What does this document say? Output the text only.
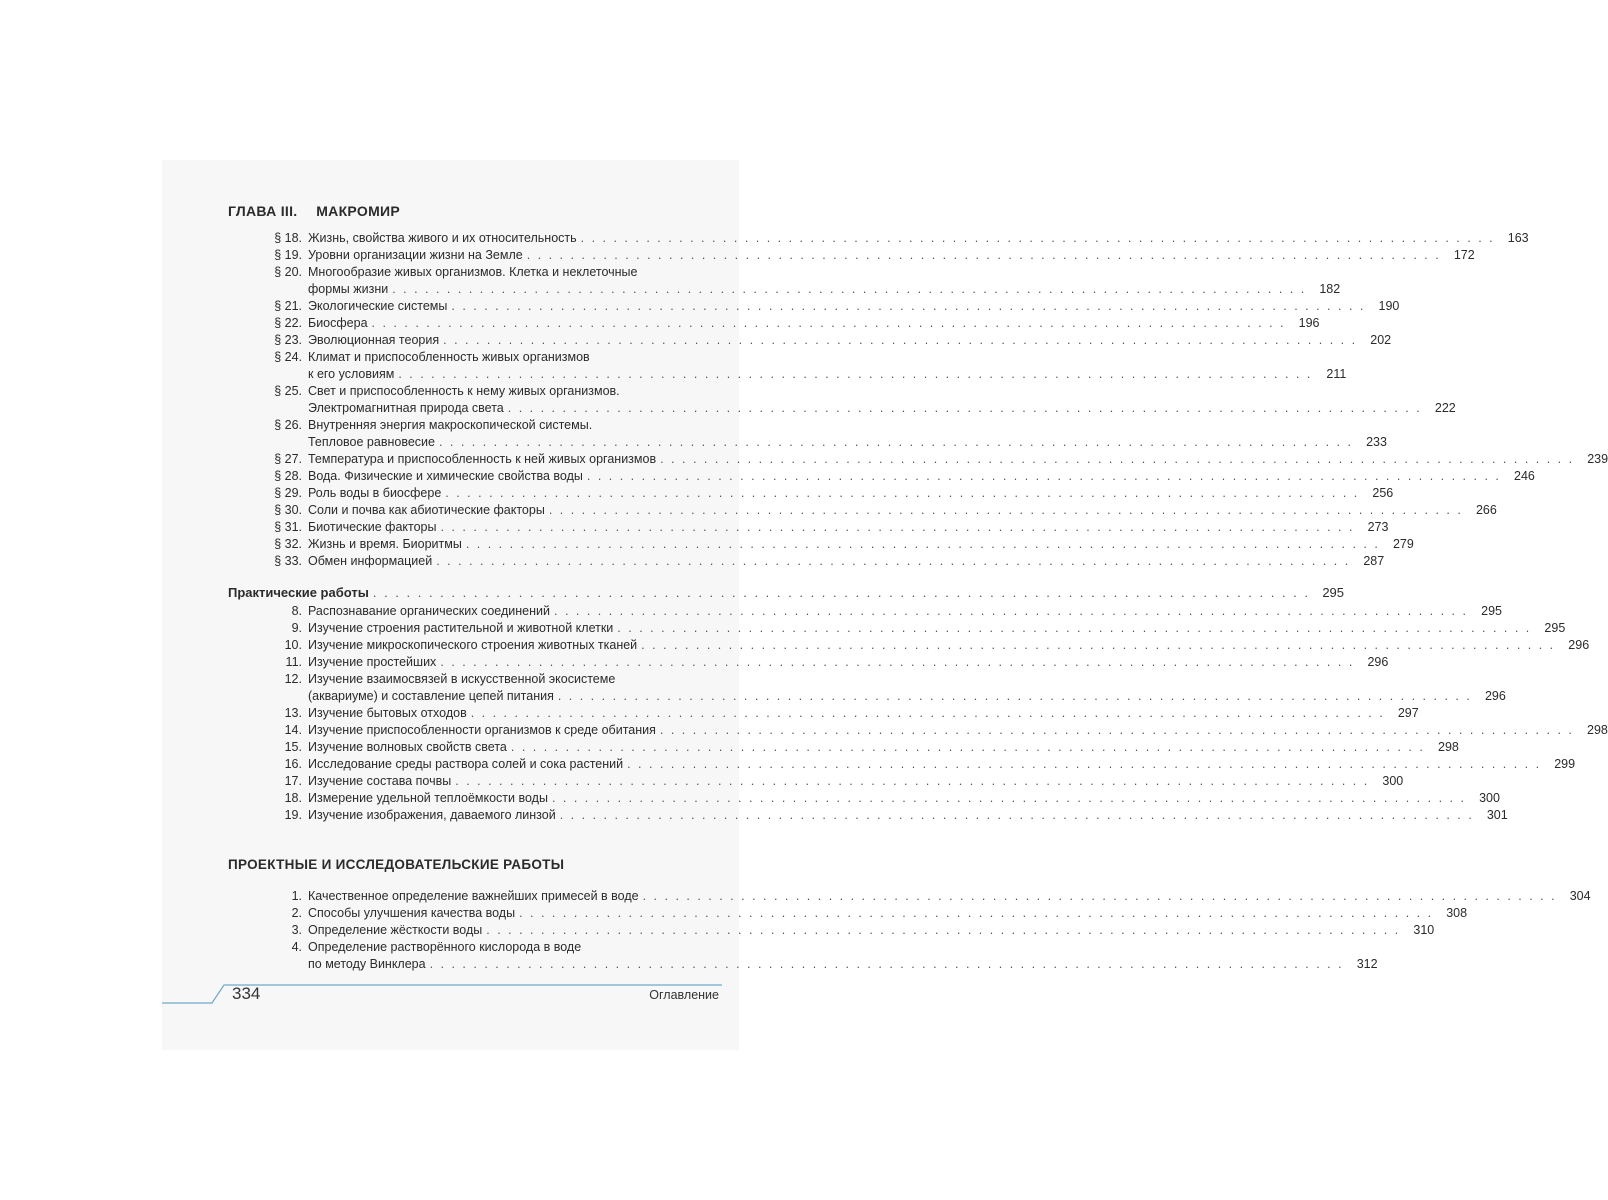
ГЛАВА III. МАКРОМИР
§ 18. Жизнь, свойства живого и их относительность . . . . . . . . . . . . . . . . . . . . . . . . . . . . . . . . . . . . . . . . . . . . . . . . . . . . . . . . . . . . . . . . . . . . . . . . . . . . . . . . . . . .	163
§ 19. Уровни организации жизни на Земле . . . . . . . . . . . . . . . . . . . . . . . . . . . . . . . . . . . . . . . . . . . . . . . . . . . . . . . . . . . . . . . . . . . . . . . . . . . . . . . . . . . .	172
§ 20. Многообразие живых организмов. Клетка и неклеточные
формы жизни . . . . . . . . . . . . . . . . . . . . . . . . . . . . . . . . . . . . . . . . . . . . . . . . . . . . . . . . . . . . . . . . . . . . . . . . . . . . . . . . . . . .	182
§ 21. Экологические системы . . . . . . . . . . . . . . . . . . . . . . . . . . . . . . . . . . . . . . . . . . . . . . . . . . . . . . . . . . . . . . . . . . . . . . . . . . . . . . . . . . . .	190
§ 22. Биосфера . . . . . . . . . . . . . . . . . . . . . . . . . . . . . . . . . . . . . . . . . . . . . . . . . . . . . . . . . . . . . . . . . . . . . . . . . . . . . . . . . . . .	196
§ 23. Эволюционная теория . . . . . . . . . . . . . . . . . . . . . . . . . . . . . . . . . . . . . . . . . . . . . . . . . . . . . . . . . . . . . . . . . . . . . . . . . . . . . . . . . . . .	202
§ 24. Климат и приспособленность живых организмов
к его условиям . . . . . . . . . . . . . . . . . . . . . . . . . . . . . . . . . . . . . . . . . . . . . . . . . . . . . . . . . . . . . . . . . . . . . . . . . . . . . . . . . . . .	211
§ 25. Свет и приспособленность к нему живых организмов.
Электромагнитная природа света . . . . . . . . . . . . . . . . . . . . . . . . . . . . . . . . . . . . . . . . . . . . . . . . . . . . . . . . . . . . . . . . . . . . . . . . . . . . . . . . . . . .	222
§ 26. Внутренняя энергия макроскопической системы.
Тепловое равновесие . . . . . . . . . . . . . . . . . . . . . . . . . . . . . . . . . . . . . . . . . . . . . . . . . . . . . . . . . . . . . . . . . . . . . . . . . . . . . . . . . . . .	233
§ 27. Температура и приспособленность к ней живых организмов . . . . . . . . . . . . . . . . . . . . . . . . . . . . . . . . . . . . . . . . . . . . . . . . . . . . . . . . . . . . . . . . . . . . . . . . . . . . . . . . . . . .	239
§ 28. Вода. Физические и химические свойства воды . . . . . . . . . . . . . . . . . . . . . . . . . . . . . . . . . . . . . . . . . . . . . . . . . . . . . . . . . . . . . . . . . . . . . . . . . . . . . . . . . . . .	246
§ 29. Роль воды в биосфере . . . . . . . . . . . . . . . . . . . . . . . . . . . . . . . . . . . . . . . . . . . . . . . . . . . . . . . . . . . . . . . . . . . . . . . . . . . . . . . . . . . .	256
§ 30. Соли и почва как абиотические факторы . . . . . . . . . . . . . . . . . . . . . . . . . . . . . . . . . . . . . . . . . . . . . . . . . . . . . . . . . . . . . . . . . . . . . . . . . . . . . . . . . . . .	266
§ 31. Биотические факторы . . . . . . . . . . . . . . . . . . . . . . . . . . . . . . . . . . . . . . . . . . . . . . . . . . . . . . . . . . . . . . . . . . . . . . . . . . . . . . . . . . . .	273
§ 32. Жизнь и время. Биоритмы . . . . . . . . . . . . . . . . . . . . . . . . . . . . . . . . . . . . . . . . . . . . . . . . . . . . . . . . . . . . . . . . . . . . . . . . . . . . . . . . . . . .	279
§ 33. Обмен информацией . . . . . . . . . . . . . . . . . . . . . . . . . . . . . . . . . . . . . . . . . . . . . . . . . . . . . . . . . . . . . . . . . . . . . . . . . . . . . . . . . . . .	287
Практические работы . . . . . . . . . . . . . . . . . . . . . . . . . . . . . . . . . . . . . . . . . . . . . . . . . . . . . . . . . . . . . . . . . . . . . . . . . . . . . . . . . . . . 295
8. Распознавание органических соединений . . . . . . . . . . . . . . . . . . . . . . . . . . . . . . . . . . . . . . . . . . . . . . . . . . . . . . . . . . . . . . . . . . . . . . . . . . . . . . . . . . . .	295
9. Изучение строения растительной и животной клетки . . . . . . . . . . . . . . . . . . . . . . . . . . . . . . . . . . . . . . . . . . . . . . . . . . . . . . . . . . . . . . . . . . . . . . . . . . . . . . . . . . . .	295
10. Изучение микроскопического строения животных тканей . . . . . . . . . . . . . . . . . . . . . . . . . . . . . . . . . . . . . . . . . . . . . . . . . . . . . . . . . . . . . . . . . . . . . . . . . . . . . . . . . . . .	296
11. Изучение простейших . . . . . . . . . . . . . . . . . . . . . . . . . . . . . . . . . . . . . . . . . . . . . . . . . . . . . . . . . . . . . . . . . . . . . . . . . . . . . . . . . . . .	296
12. Изучение взаимосвязей в искусственной экосистеме
(аквариуме) и составление цепей питания . . . . . . . . . . . . . . . . . . . . . . . . . . . . . . . . . . . . . . . . . . . . . . . . . . . . . . . . . . . . . . . . . . . . . . . . . . . . . . . . . . . .	296
13. Изучение бытовых отходов . . . . . . . . . . . . . . . . . . . . . . . . . . . . . . . . . . . . . . . . . . . . . . . . . . . . . . . . . . . . . . . . . . . . . . . . . . . . . . . . . . . .	297
14. Изучение приспособленности организмов к среде обитания . . . . . . . . . . . . . . . . . . . . . . . . . . . . . . . . . . . . . . . . . . . . . . . . . . . . . . . . . . . . . . . . . . . . . . . . . . . . . . . . . . . .	298
15. Изучение волновых свойств света . . . . . . . . . . . . . . . . . . . . . . . . . . . . . . . . . . . . . . . . . . . . . . . . . . . . . . . . . . . . . . . . . . . . . . . . . . . . . . . . . . . .	298
16. Исследование среды раствора солей и сока растений . . . . . . . . . . . . . . . . . . . . . . . . . . . . . . . . . . . . . . . . . . . . . . . . . . . . . . . . . . . . . . . . . . . . . . . . . . . . . . . . . . . .	299
17. Изучение состава почвы . . . . . . . . . . . . . . . . . . . . . . . . . . . . . . . . . . . . . . . . . . . . . . . . . . . . . . . . . . . . . . . . . . . . . . . . . . . . . . . . . . . .	300
18. Измерение удельной теплоёмкости воды . . . . . . . . . . . . . . . . . . . . . . . . . . . . . . . . . . . . . . . . . . . . . . . . . . . . . . . . . . . . . . . . . . . . . . . . . . . . . . . . . . . .	300
19. Изучение изображения, даваемого линзой . . . . . . . . . . . . . . . . . . . . . . . . . . . . . . . . . . . . . . . . . . . . . . . . . . . . . . . . . . . . . . . . . . . . . . . . . . . . . . . . . . . .	301
ПРОЕКТНЫЕ И ИССЛЕДОВАТЕЛЬСКИЕ РАБОТЫ
1. Качественное определение важнейших примесей в воде . . . . . . . . . . . . . . . . . . . . . . . . . . . . . . . . . . . . . . . . . . . . . . . . . . . . . . . . . . . . . . . . . . . . . . . . . . . . . . . . . . . .	304
2. Способы улучшения качества воды . . . . . . . . . . . . . . . . . . . . . . . . . . . . . . . . . . . . . . . . . . . . . . . . . . . . . . . . . . . . . . . . . . . . . . . . . . . . . . . . . . . .	308
3. Определение жёсткости воды . . . . . . . . . . . . . . . . . . . . . . . . . . . . . . . . . . . . . . . . . . . . . . . . . . . . . . . . . . . . . . . . . . . . . . . . . . . . . . . . . . . .	310
4. Определение растворённого кислорода в воде
по методу Винклера . . . . . . . . . . . . . . . . . . . . . . . . . . . . . . . . . . . . . . . . . . . . . . . . . . . . . . . . . . . . . . . . . . . . . . . . . . . . . . . . . . . .	312
334	Оглавление
